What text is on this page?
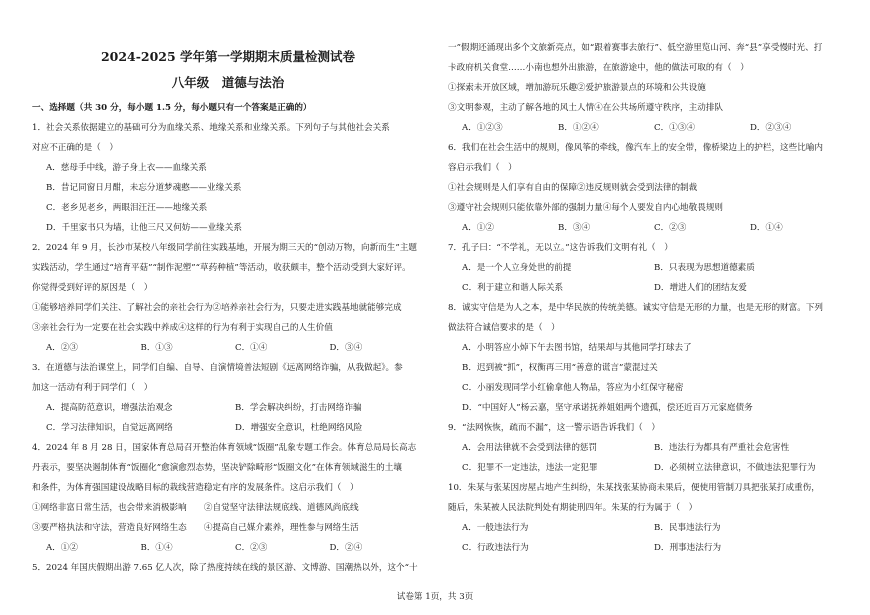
2024-2025 学年第一学期期末质量检测试卷
八年级　道德与法治
一、选择题（共 30 分，每小题 1.5 分，每小题只有一个答案是正确的）
1．社会关系依据建立的基础可分为血缘关系、地缘关系和业缘关系。下列句子与其他社会关系
对应不正确的是（　）
A．慈母手中线，游子身上衣——血缘关系
B．昔记同窗日月酣，未忘分道梦魂憨——业缘关系
C．老乡见老乡，两眼泪汪汪——地缘关系
D．千里家书只为墙，让他三尺又何妨——业缘关系
2．2024 年 9 月，长沙市某校八年级同学前往实践基地，开展为期三天的“创动万物，向新而生”主题
实践活动，学生通过“培育平菇”“制作泥塑”“草药种植”等活动，收获颇丰，整个活动受到大家好评。
你觉得受到好评的原因是（　）
①能够培养同学们关注、了解社会的亲社会行为②培养亲社会行为，只要走进实践基地就能够完成
③亲社会行为一定要在社会实践中养成④这样的行为有利于实现自己的人生价值
A．②③	B．①③	C．①④	D．③④
3．在道德与法治课堂上，同学们自编、自导、自演情境普法短剧《远离网络诈骗，从我做起》。参
加这一活动有利于同学们（　）
A．提高防范意识，增强法治观念	B．学会解决纠纷，打击网络诈骗
C．学习法律知识，自觉远离网络	D．增强安全意识，杜绝网络风险
4．2024 年 8 月 28 日，国家体育总局召开整治体育领域“饭圈”乱象专题工作会。体育总局局长高志
丹表示，要坚决遏制体育“饭圈化”愈演愈烈态势，坚决铲除畸形“饭圈文化”在体育领域滋生的土壤
和条件，为体育强国建设战略目标的栽线营造稳定有序的发展条件。这启示我们（　）
①网络非富日常生活，也会带来消极影响　　②自觉坚守法律法规底线、道德风尚底线
③要严格执法和守法，营造良好网络生态　　④提高自己媒介素养，理性参与网络生活
A．①②	B．①④	C．②③	D．②④
5．2024 年国庆假期出游 7.65 亿人次，除了热度持续在线的景区游、文博游、国潮热以外，这个“十
一”假期还涌现出多个文旅新亮点，如“跟着赛事去旅行”、低空游里览山河、奔“县”享受慢时光、打
卡政府机关食堂……小南也想外出旅游，在旅游途中，他的做法可取的有（　）
①探索未开放区域，增加游玩乐趣②爱护旅游景点的环境和公共设施
③文明参观，主动了解各地的风土人情④在公共场所遵守秩序，主动排队
A．①②③	B．①②④	C．①③④	D．②③④
6．我们在社会生活中的规则，像风筝的牵线，像汽车上的安全带，像桥梁边上的护栏，这些比喻内
容启示我们（　）
①社会规则是人们享有自由的保障②违反规则就会受到法律的制裁
③遵守社会规则只能依靠外部的强制力量④每个人要发自内心地敬畏规则
A．①②	B．③④	C．②③	D．①④
7．孔子曰：“不学礼，无以立。”这告诉我们文明有礼（　）
A．是一个人立身处世的前提	B．只表现为思想道德素质
C．利于建立和谐人际关系	D．增进人们的团结友爱
8．诚实守信是为人之本，是中华民族的传统美德。诚实守信是无形的力量，也是无形的财富。下列
做法符合诚信要求的是（　）
A．小明答应小焯下午去图书馆，结果却与其他同学打球去了
B．迟到被“抓”，权衡再三用“善意的谎言”蒙混过关
C．小丽发现同学小红偷拿他人物品，答应为小红保守秘密
D．“中国好人”杨云嘉，坚守承诺抚养姐姐两个遗孤，偿还近百万元家庭债务
9．“法网恢恢，疏而不漏”，这一警示语告诉我们（　）
A．会用法律就不会受到法律的惩罚	B．违法行为都具有严重社会危害性
C．犯罪不一定违法，违法一定犯罪	D．必须树立法律意识，不做违法犯罪行为
10．朱某与张某因房屋占地产生纠纷，朱某找张某协商未果后，便使用管制刀具把张某打成重伤，
随后，朱某被人民法院判处有期徒刑四年。朱某的行为属于（　）
A．一般违法行为	B．民事违法行为
C．行政违法行为	D．刑事违法行为
试卷第 1页，共 3页
